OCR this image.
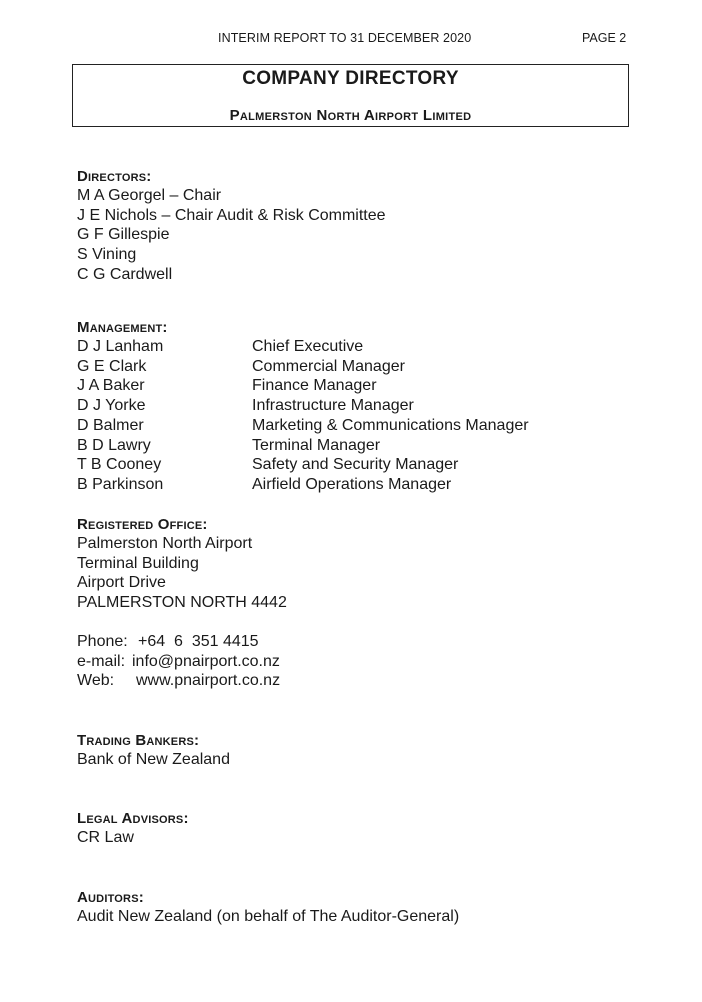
INTERIM REPORT TO 31 DECEMBER 2020	PAGE 2
COMPANY DIRECTORY
Palmerston North Airport Limited
Directors:
M A Georgel – Chair
J E Nichols – Chair Audit & Risk Committee
G F Gillespie
S Vining
C G Cardwell
Management:
D J Lanham	Chief Executive
G E Clark	Commercial Manager
J A Baker	Finance Manager
D J Yorke	Infrastructure Manager
D Balmer	Marketing & Communications Manager
B D Lawry	Terminal Manager
T B Cooney	Safety and Security Manager
B Parkinson	Airfield Operations Manager
Registered Office:
Palmerston North Airport
Terminal Building
Airport Drive
PALMERSTON NORTH 4442
Phone: +64  6  351 4415
e-mail: info@pnairport.co.nz
Web:	www.pnairport.co.nz
Trading Bankers:
Bank of New Zealand
Legal Advisors:
CR Law
Auditors:
Audit New Zealand (on behalf of The Auditor-General)
